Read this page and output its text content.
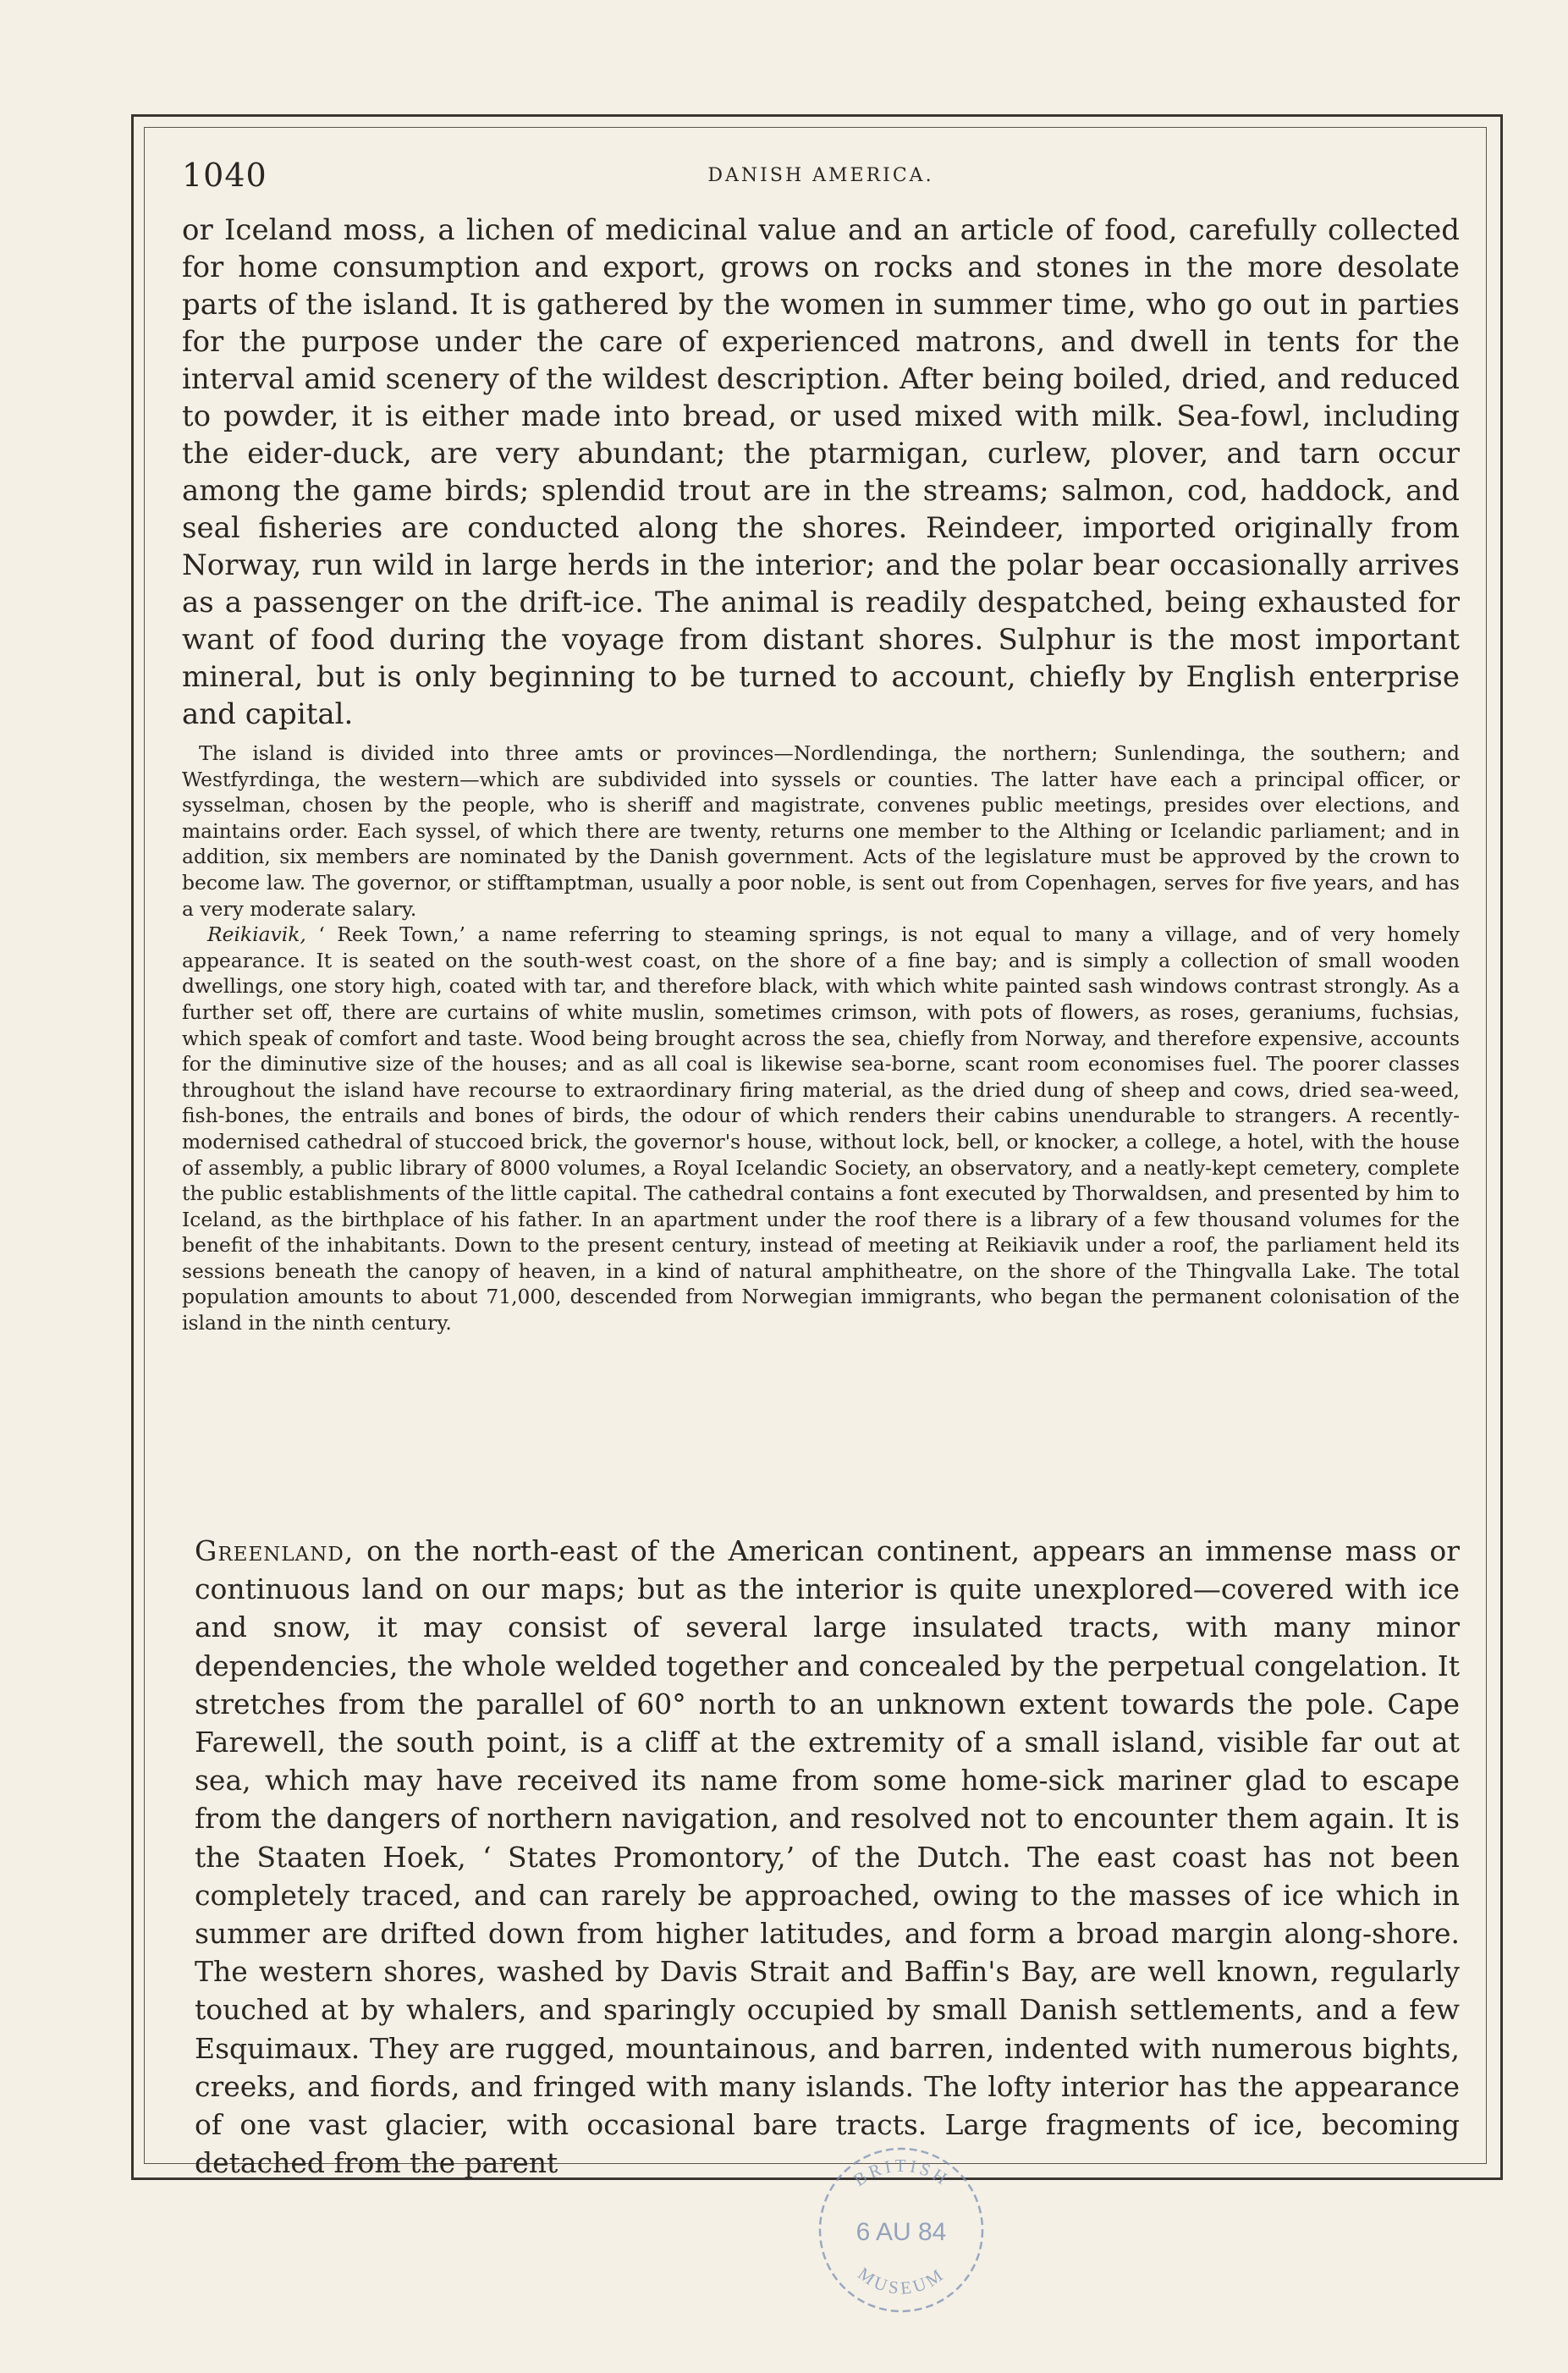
1040	DANISH AMERICA.

or Iceland moss, a lichen of medicinal value and an article of food, carefully collected for home consumption and export, grows on rocks and stones in the more desolate parts of the island. It is gathered by the women in summer time, who go out in parties for the purpose under the care of experienced matrons, and dwell in tents for the interval amid scenery of the wildest description. After being boiled, dried, and reduced to powder, it is either made into bread, or used mixed with milk. Sea-fowl, including the eider-duck, are very abundant; the ptarmigan, curlew, plover, and tarn occur among the game birds; splendid trout are in the streams; salmon, cod, haddock, and seal fisheries are conducted along the shores. Reindeer, imported originally from Norway, run wild in large herds in the interior; and the polar bear occasionally arrives as a passenger on the drift-ice. The animal is readily despatched, being exhausted for want of food during the voyage from distant shores. Sulphur is the most important mineral, but is only beginning to be turned to account, chiefly by English enterprise and capital.

The island is divided into three amts or provinces—Nordlendinga, the northern; Sunlendinga, the southern; and Westfyrdinga, the western—which are subdivided into syssels or counties. The latter have each a principal officer, or sysselman, chosen by the people, who is sheriff and magistrate, convenes public meetings, presides over elections, and maintains order. Each syssel, of which there are twenty, returns one member to the Althing or Icelandic parliament; and in addition, six members are nominated by the Danish government. Acts of the legislature must be approved by the crown to become law. The governor, or stifftamptman, usually a poor noble, is sent out from Copenhagen, serves for five years, and has a very moderate salary.

Reikiavik, ‘ Reek Town,’ a name referring to steaming springs, is not equal to many a village, and of very homely appearance. It is seated on the south-west coast, on the shore of a fine bay; and is simply a collection of small wooden dwellings, one story high, coated with tar, and therefore black, with which white painted sash windows contrast strongly. As a further set off, there are curtains of white muslin, sometimes crimson, with pots of flowers, as roses, geraniums, fuchsias, which speak of comfort and taste. Wood being brought across the sea, chiefly from Norway, and therefore expensive, accounts for the diminutive size of the houses; and as all coal is likewise sea-borne, scant room economises fuel. The poorer classes throughout the island have recourse to extraordinary firing material, as the dried dung of sheep and cows, dried sea-weed, fish-bones, the entrails and bones of birds, the odour of which renders their cabins unendurable to strangers. A recently-modernised cathedral of stuccoed brick, the governor's house, without lock, bell, or knocker, a college, a hotel, with the house of assembly, a public library of 8000 volumes, a Royal Icelandic Society, an observatory, and a neatly-kept cemetery, complete the public establishments of the little capital. The cathedral contains a font executed by Thorwaldsen, and presented by him to Iceland, as the birthplace of his father. In an apartment under the roof there is a library of a few thousand volumes for the benefit of the inhabitants. Down to the present century, instead of meeting at Reikiavik under a roof, the parliament held its sessions beneath the canopy of heaven, in a kind of natural amphitheatre, on the shore of the Thingvalla Lake. The total population amounts to about 71,000, descended from Norwegian immigrants, who began the permanent colonisation of the island in the ninth century.

Greenland, on the north-east of the American continent, appears an immense mass or continuous land on our maps; but as the interior is quite unexplored—covered with ice and snow, it may consist of several large insulated tracts, with many minor dependencies, the whole welded together and concealed by the perpetual congelation. It stretches from the parallel of 60° north to an unknown extent towards the pole. Cape Farewell, the south point, is a cliff at the extremity of a small island, visible far out at sea, which may have received its name from some home-sick mariner glad to escape from the dangers of northern navigation, and resolved not to encounter them again. It is the Staaten Hoek, ‘ States Promontory,’ of the Dutch. The east coast has not been completely traced, and can rarely be approached, owing to the masses of ice which in summer are drifted down from higher latitudes, and form a broad margin along-shore. The western shores, washed by Davis Strait and Baffin's Bay, are well known, regularly touched at by whalers, and sparingly occupied by small Danish settlements, and a few Esquimaux. They are rugged, mountainous, and barren, indented with numerous bights, creeks, and fiords, and fringed with many islands. The lofty interior has the appearance of one vast glacier, with occasional bare tracts. Large fragments of ice, becoming detached from the parent	BRITISH
6 AU 84
MUSEUM
